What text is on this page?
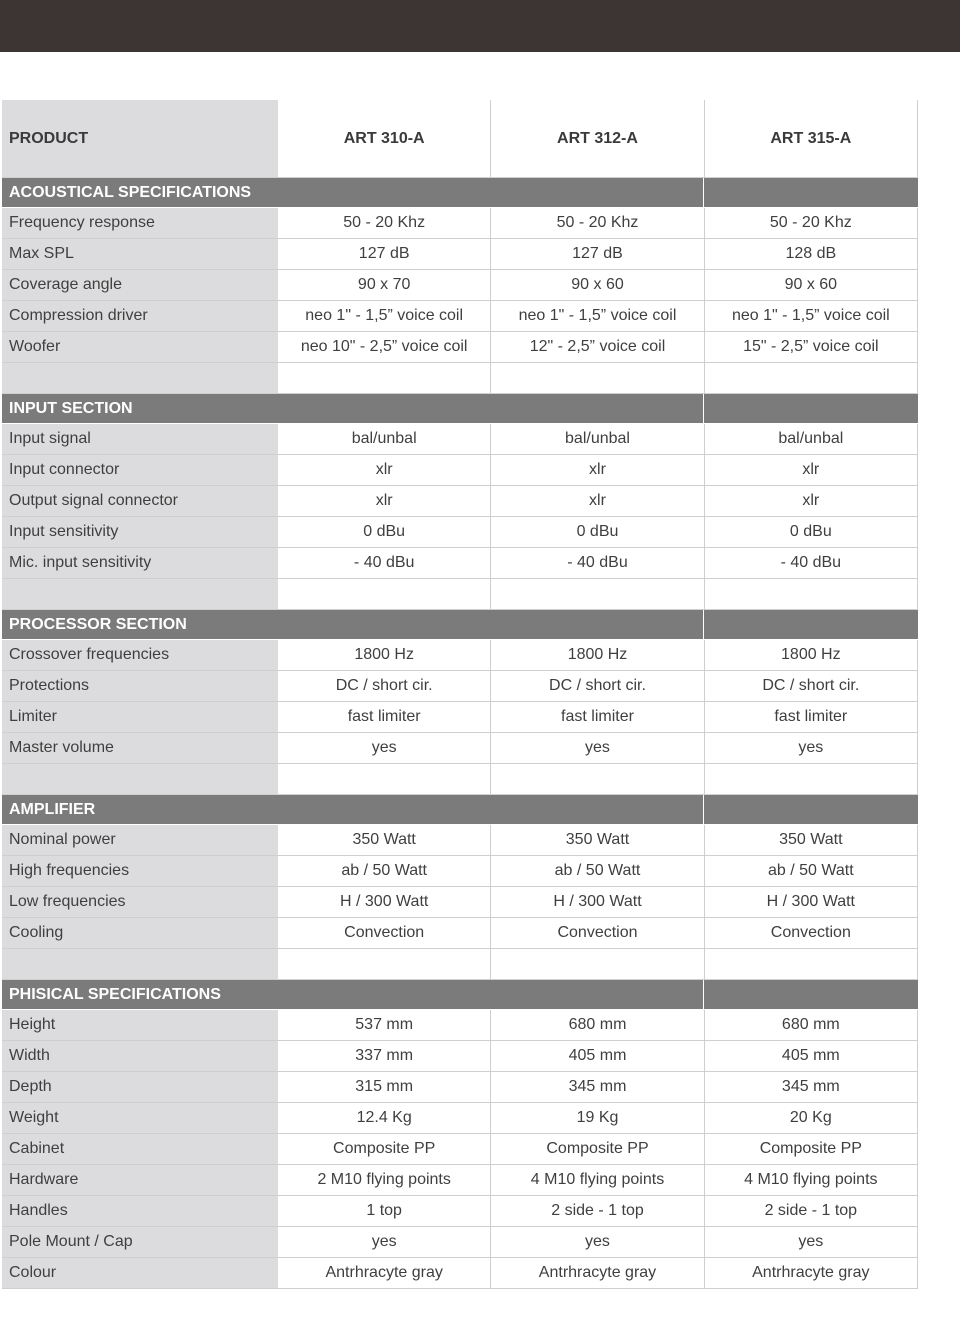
PRODUCT	ART 310-A	ART 312-A	ART 315-A
ACOUSTICAL SPECIFICATIONS
Frequency response	50 - 20 Khz	50 - 20 Khz	50 - 20 Khz
Max SPL	127 dB	127 dB	128 dB
Coverage angle	90 x 70	90 x 60	90 x 60
Compression driver	neo 1" - 1,5” voice coil	neo 1" - 1,5” voice coil	neo 1" - 1,5” voice coil
Woofer	neo 10" - 2,5” voice coil	12" - 2,5” voice coil	15" - 2,5” voice coil
INPUT SECTION
Input signal	bal/unbal	bal/unbal	bal/unbal
Input connector	xlr	xlr	xlr
Output signal connector	xlr	xlr	xlr
Input sensitivity	0 dBu	0 dBu	0 dBu
Mic. input sensitivity	- 40 dBu	- 40 dBu	- 40 dBu
PROCESSOR SECTION
Crossover frequencies	1800 Hz	1800 Hz	1800 Hz
Protections	DC / short cir.	DC / short cir.	DC / short cir.
Limiter	fast limiter	fast limiter	fast limiter
Master volume	yes	yes	yes
AMPLIFIER
Nominal power	350 Watt	350 Watt	350 Watt
High frequencies	ab / 50 Watt	ab / 50 Watt	ab / 50 Watt
Low frequencies	H / 300 Watt	H / 300 Watt	H / 300 Watt
Cooling	Convection	Convection	Convection
PHISICAL SPECIFICATIONS
Height	537 mm	680 mm	680 mm
Width	337 mm	405 mm	405 mm
Depth	315 mm	345 mm	345 mm
Weight	12.4 Kg	19 Kg	20 Kg
Cabinet	Composite PP	Composite PP	Composite PP
Hardware	2 M10 flying points	4 M10 flying points	4 M10 flying points
Handles	1 top	2 side - 1 top	2 side - 1 top
Pole Mount / Cap	yes	yes	yes
Colour	Antrhracyte gray	Antrhracyte gray	Antrhracyte gray
